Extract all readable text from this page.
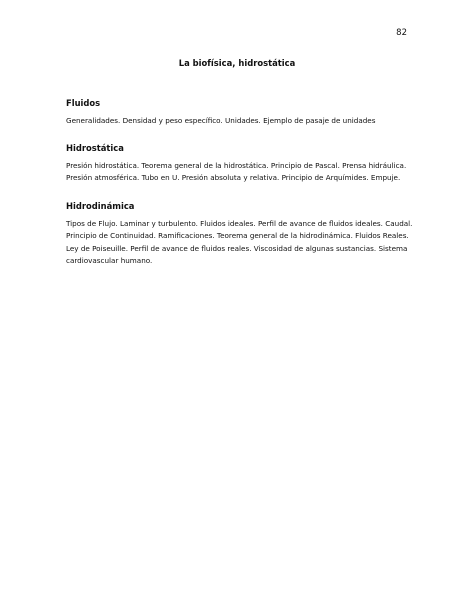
82
La biofísica, hidrostática
Fluidos

Generalidades. Densidad y peso específico. Unidades. Ejemplo de pasaje de unidades

Hidrostática

Presión hidrostática. Teorema general de la hidrostática. Principio de Pascal. Prensa hidráulica.

Presión atmosférica. Tubo en U. Presión absoluta y relativa. Principio de Arquímides. Empuje.

Hidrodinámica

Tipos de Flujo. Laminar y turbulento. Fluidos ideales. Perfil de avance de fluidos ideales. Caudal.

Principio de Continuidad. Ramificaciones. Teorema general de la hidrodinámica. Fluidos Reales.

Ley de Poiseuille. Perfil de avance de fluidos reales. Viscosidad de algunas sustancias. Sistema

cardiovascular humano.
